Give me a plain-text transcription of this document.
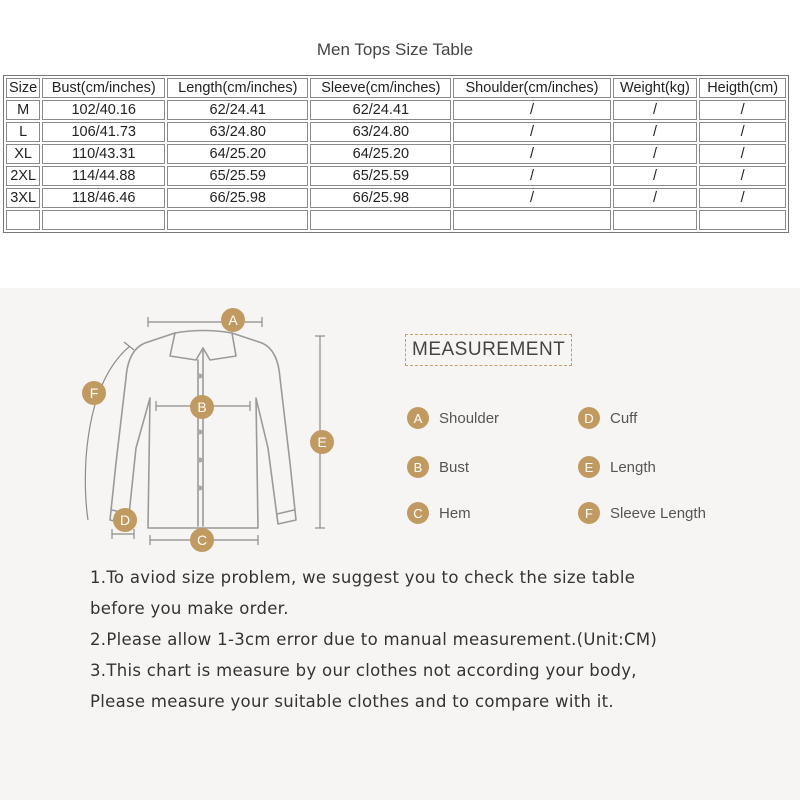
Men Tops Size Table
Size	Bust(cm/inches)	Length(cm/inches)	Sleeve(cm/inches)	Shoulder(cm/inches)	Weight(kg)	Heigth(cm)
M	102/40.16	62/24.41	62/24.41	/	/	/
L	106/41.73	63/24.80	63/24.80	/	/	/
XL	110/43.31	64/25.20	64/25.20	/	/	/
2XL	114/44.88	65/25.59	65/25.59	/	/	/
3XL	118/46.46	66/25.98	66/25.98	/	/	/

A
B
C
D
E
F
MEASUREMENT
A	Shoulder
B	Bust
C	Hem
D	Cuff
E	Length
F	Sleeve Length

1.To aviod size problem, we suggest you to check the size table

before you make order.

2.Please allow 1-3cm error due to manual measurement.(Unit:CM)

3.This chart is measure by our clothes not according your body,

Please measure your suitable clothes and to compare with it.
